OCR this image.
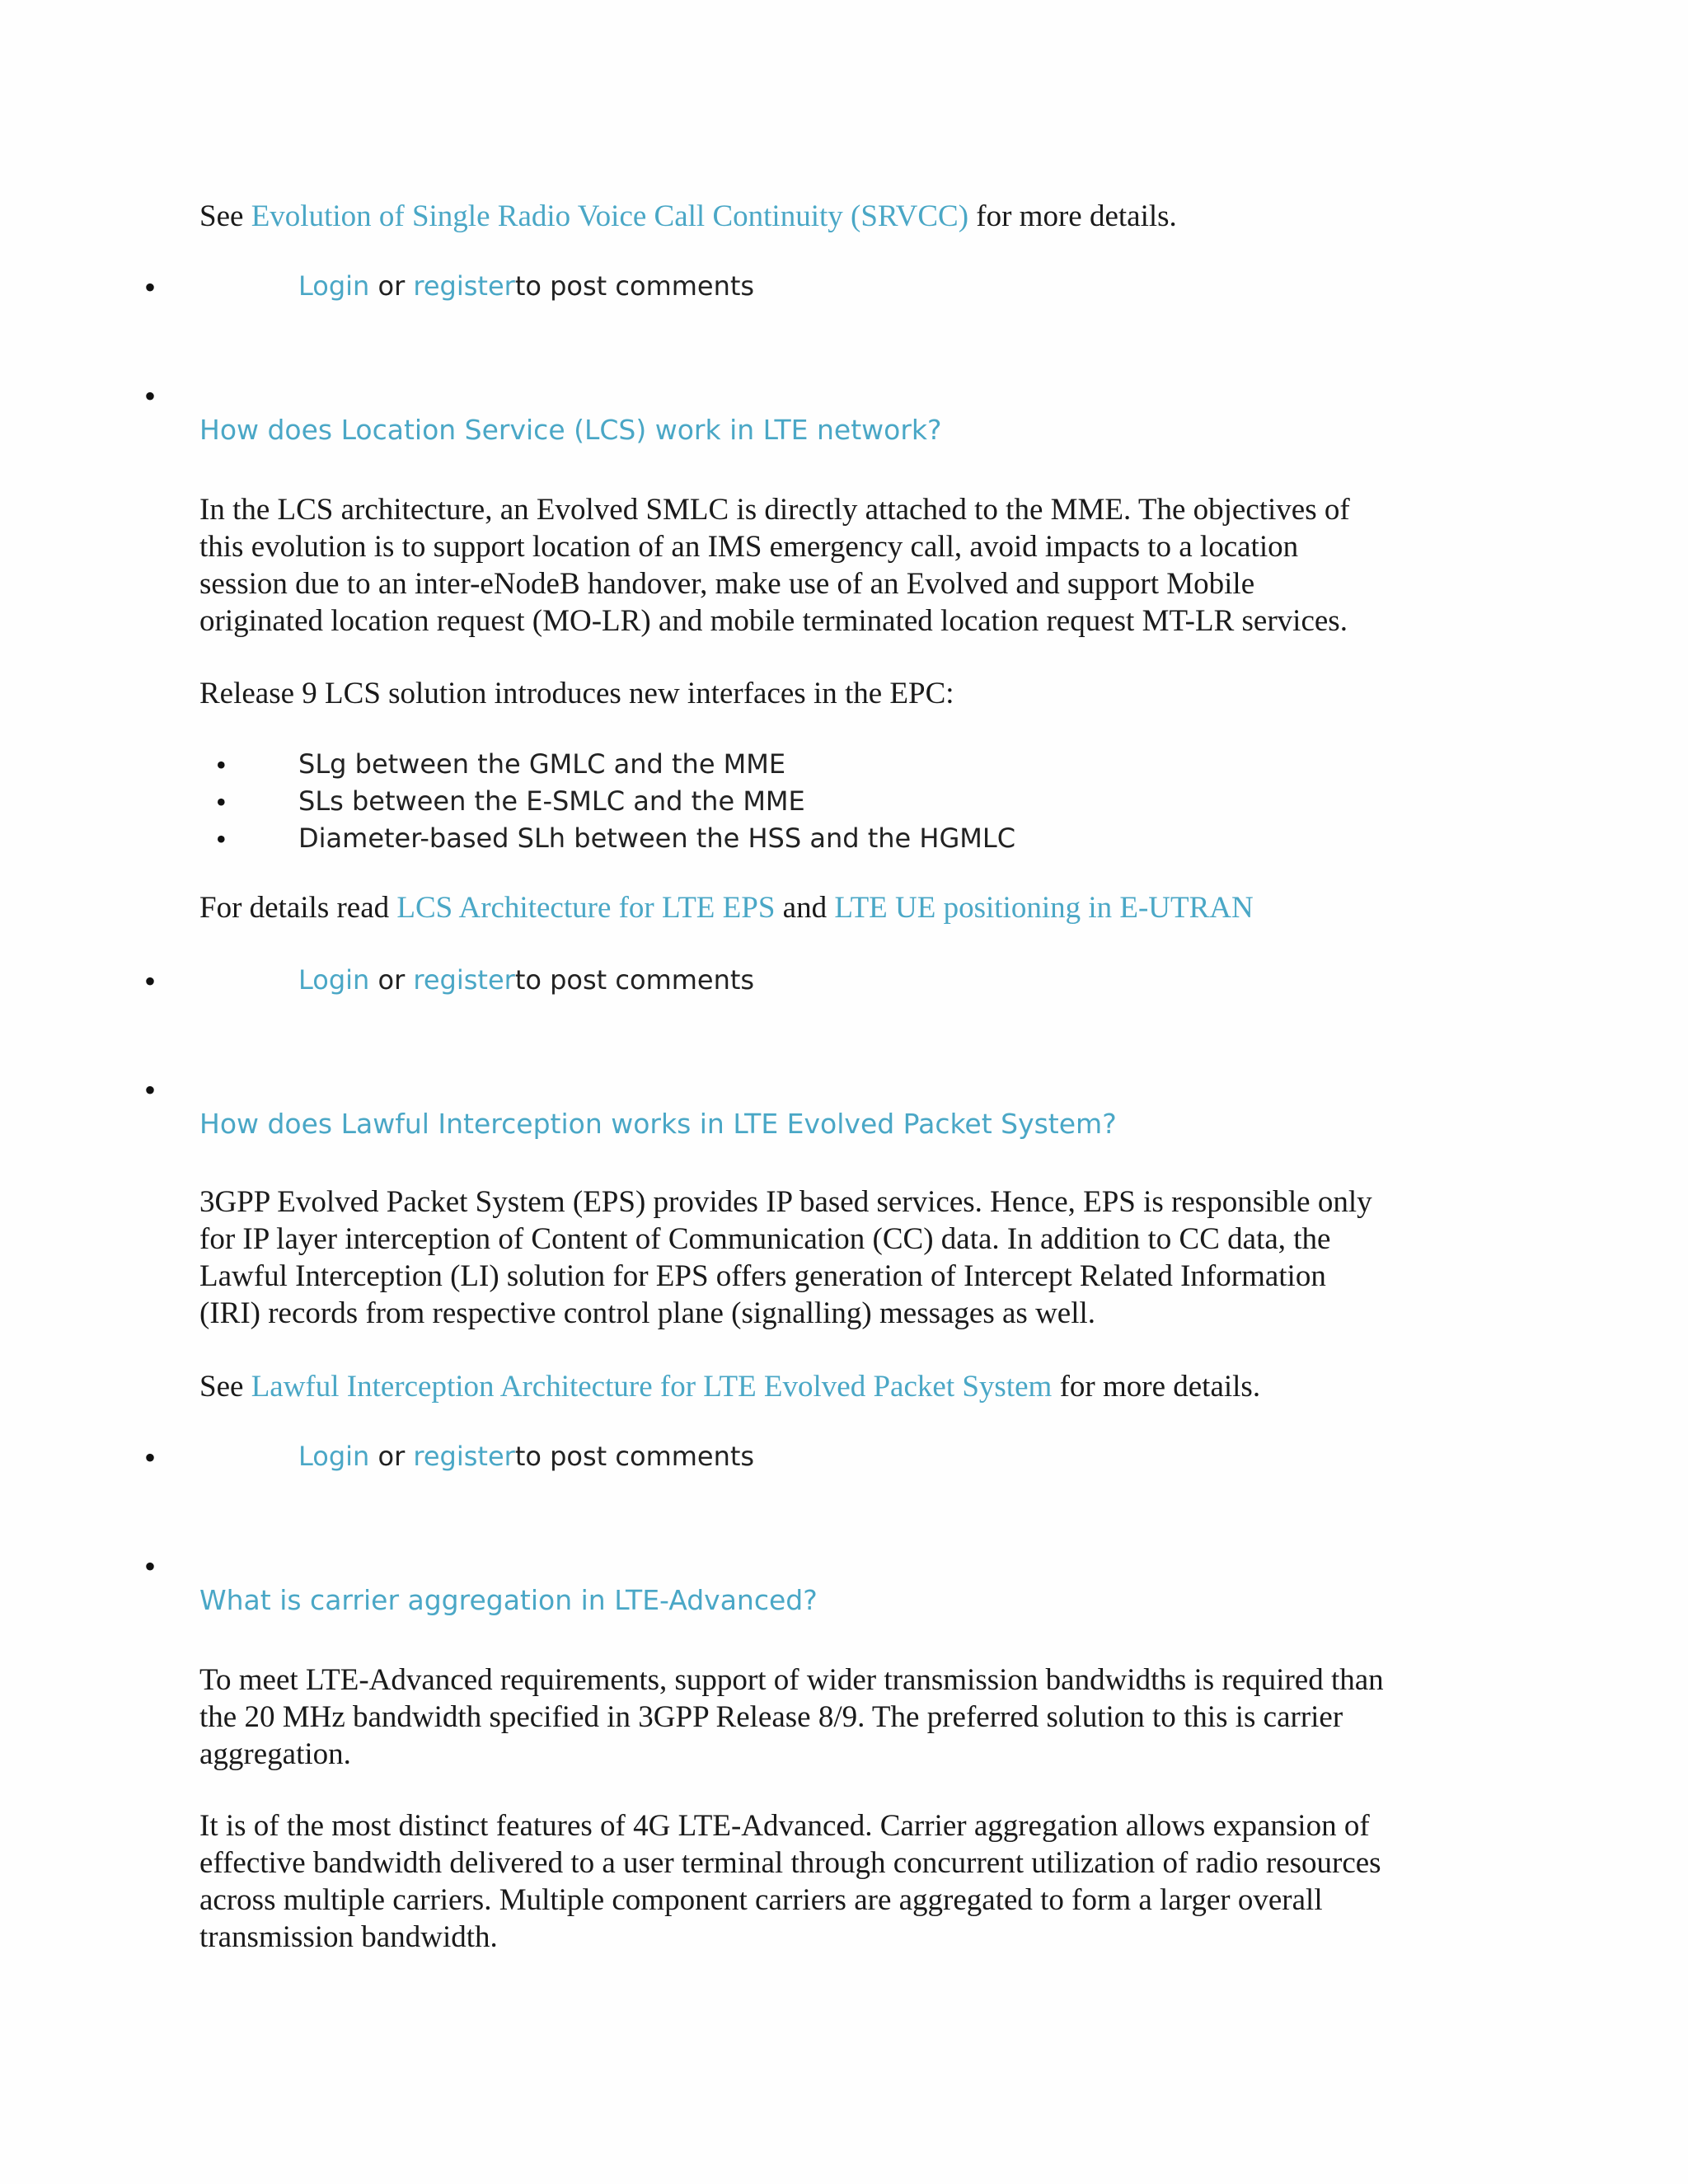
See Evolution of Single Radio Voice Call Continuity (SRVCC) for more details.
•
Login or registerto post comments
•
How does Location Service (LCS) work in LTE network?
In the LCS architecture, an Evolved SMLC is directly attached to the MME. The objectives of
this evolution is to support location of an IMS emergency call, avoid impacts to a location
session due to an inter-eNodeB handover, make use of an Evolved and support Mobile
originated location request (MO-LR) and mobile terminated location request MT-LR services.
Release 9 LCS solution introduces new interfaces in the EPC:
•	SLg between the GMLC and the MME
•	SLs between the E-SMLC and the MME
•	Diameter-based SLh between the HSS and the HGMLC
For details read LCS Architecture for LTE EPS and LTE UE positioning in E-UTRAN
•
Login or registerto post comments
•
How does Lawful Interception works in LTE Evolved Packet System?
3GPP Evolved Packet System (EPS) provides IP based services. Hence, EPS is responsible only
for IP layer interception of Content of Communication (CC) data. In addition to CC data, the
Lawful Interception (LI) solution for EPS offers generation of Intercept Related Information
(IRI) records from respective control plane (signalling) messages as well.
See Lawful Interception Architecture for LTE Evolved Packet System for more details.
•
Login or registerto post comments
•
What is carrier aggregation in LTE-Advanced?
To meet LTE-Advanced requirements, support of wider transmission bandwidths is required than
the 20 MHz bandwidth specified in 3GPP Release 8/9. The preferred solution to this is carrier
aggregation.
It is of the most distinct features of 4G LTE-Advanced. Carrier aggregation allows expansion of
effective bandwidth delivered to a user terminal through concurrent utilization of radio resources
across multiple carriers. Multiple component carriers are aggregated to form a larger overall
transmission bandwidth.
